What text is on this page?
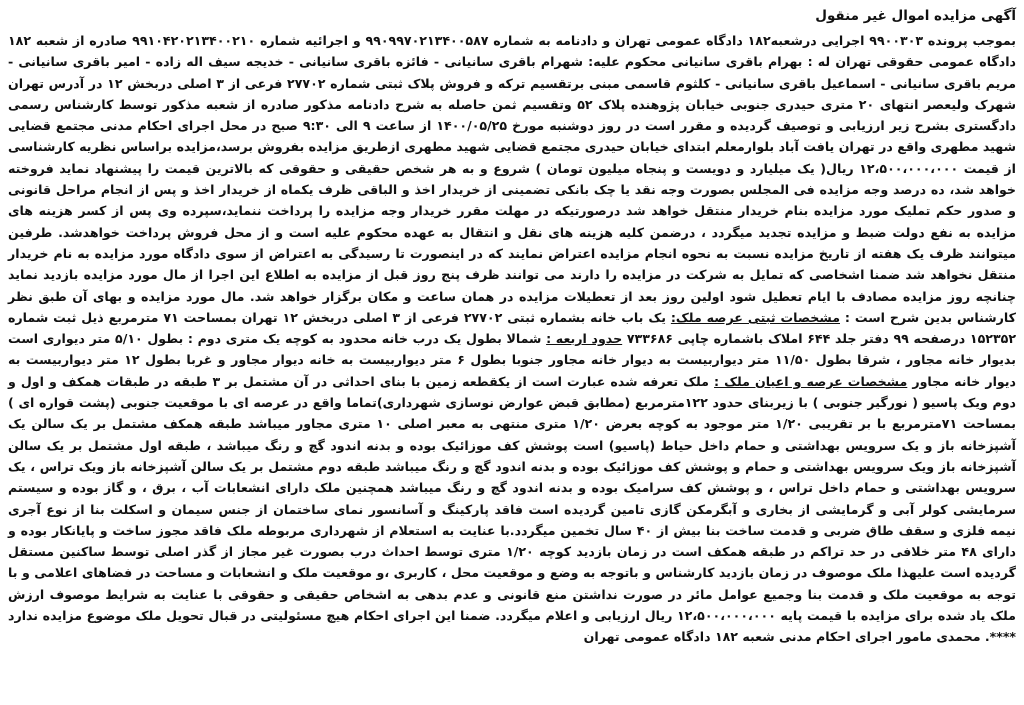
آگهی مزایده اموال غیر منقول

بموجب پرونده ۹۹۰۰۳۰۳ اجرایی درشعبه۱۸۲ دادگاه عمومی تهران و دادنامه به شماره ۹۹۰۹۹۷۰۲۱۳۴۰۰۵۸۷ و اجرائیه شماره ۹۹۱۰۴۲۰۲۱۳۴۰۰۲۱۰ صادره از شعبه ۱۸۲ دادگاه عمومی حقوقی تهران له : بهرام باقری سانیانی محکوم علیه: شهرام باقری سانیانی - فائزه باقری سانیانی - خدیجه سیف اله زاده - امیر باقری سانیانی - مریم باقری سانیانی - اسماعیل باقری سانیانی - کلثوم قاسمی مبنی برتقسیم ترکه و فروش پلاک ثبتی شماره ۲۷۷۰۲ فرعی از ۳ اصلی دربخش ۱۲ در آدرس تهران شهرک ولیعصر انتهای ۲۰ متری حیدری جنوبی خیابان پژوهنده پلاک ۵۲ وتقسیم ثمن حاصله به شرح دادنامه مذکور صادره از شعبه مذکور توسط کارشناس رسمی دادگستری بشرح زیر ارزیابی و توصیف گردیده و مقرر است در روز دوشنبه مورخ ۱۴۰۰/۰۵/۲۵ از ساعت ۹ الی ۹:۳۰ صبح در محل اجرای احکام مدنی مجتمع قضایی شهید مطهری واقع در تهران یافت آباد بلوارمعلم ابتدای خیابان حیدری مجتمع قضایی شهید مطهری ازطریق مزایده بفروش برسد،مزایده براساس نظریه کارشناسی از قیمت ۱۲،۵۰۰،۰۰۰،۰۰۰ ریال( یک میلیارد و دویست و پنجاه میلیون تومان ) شروع و به هر شخص حقیقی و حقوقی که بالاترین قیمت را پیشنهاد نماید فروخته خواهد شد، ده درصد وجه مزایده فی المجلس بصورت وجه نقد یا چک بانکی تضمینی از خریدار اخذ و الباقی ظرف یکماه از خریدار اخذ و پس از انجام مراحل قانونی و صدور حکم تملیک مورد مزایده بنام خریدار منتقل خواهد شد درصورتیکه در مهلت مقرر خریدار وجه مزایده را پرداخت ننماید،سپرده وی پس از کسر هزینه های مزایده به نفع دولت ضبط و مزایده تجدید میگردد ، درضمن کلیه هزینه های نقل و انتقال به عهده محکوم علیه است و از محل فروش پرداخت خواهدشد. طرفین میتوانند ظرف یک هفته از تاریخ مزایده نسبت به نحوه انجام مزایده اعتراض نمایند که در اینصورت تا رسیدگی به اعتراض از سوی دادگاه مورد مزایده به نام خریدار منتقل نخواهد شد ضمنا اشخاصی که تمایل به شرکت در مزایده را دارند می توانند ظرف پنج روز قبل از مزایده به اطلاع این اجرا از مال مورد مزایده بازدید نماید چنانچه روز مزایده مصادف با ایام تعطیل شود اولین روز بعد از تعطیلات مزایده در همان ساعت و مکان برگزار خواهد شد. مال مورد مزایده و بهای آن طبق نظر کارشناس بدین شرح است : مشخصات ثبتی عرصه ملک: یک باب خانه بشماره ثبتی ۲۷۷۰۲ فرعی از ۳ اصلی دربخش ۱۲ تهران بمساحت ۷۱ مترمربع ذیل ثبت شماره ۱۵۲۳۵۲ درصفحه ۹۹ دفتر جلد ۶۴۴ املاک باشماره چاپی ۷۳۳۶۸۶ حدود اربعه : شمالا بطول یک درب خانه محدود به کوچه یک متری دوم : بطول ۵/۱۰ متر دیواری است بدیوار خانه مجاور ، شرقا بطول ۱۱/۵۰ متر دیواربیست به دیوار خانه مجاور جنوبا بطول ۶ متر دیواربیست به خانه دیوار مجاور و غربا بطول ۱۲ متر دیواربیست به دیوار خانه مجاور مشخصات عرصه و اعیان ملک : ملک تعرفه شده عبارت است از یکقطعه زمین با بنای احداثی در آن مشتمل بر ۳ طبقه در طبقات همکف و اول و دوم ویک پاسیو ( نورگیر جنوبی ) با زیربنای حدود ۱۲۲مترمربع (مطابق قبض عوارض نوسازی شهرداری)تماما واقع در عرصه ای با موقعیت جنوبی (پشت قواره ای ) بمساحت ۷۱مترمربع با بر تقریبی ۱/۲۰ متر موجود به کوچه بعرض ۱/۲۰ متری منتهی به معبر اصلی ۱۰ متری مجاور میباشد طبقه همکف مشتمل بر یک سالن یک آشپزخانه باز و یک سرویس بهداشتی و حمام داخل حیاط (پاسیو) است پوشش کف موزائیک بوده و بدنه اندود گچ و رنگ میباشد ، طبقه اول مشتمل بر یک سالن آشپزخانه باز ویک سرویس بهداشتی و حمام و پوشش کف موزائیک بوده و بدنه اندود گچ و رنگ میباشد طبقه دوم مشتمل بر یک سالن آشپزخانه باز ویک تراس ، یک سرویس بهداشتی و حمام داخل تراس ، و پوشش کف سرامیک بوده و بدنه اندود گچ و رنگ میباشد همچنین ملک دارای انشعابات آب ، برق ، و گاز بوده و سیستم سرمایشی کولر آبی و گرمایشی از بخاری و آبگرمکن گازی تامین گردیده است فاقد پارکینگ و آسانسور نمای ساختمان از جنس سیمان و اسکلت بنا از نوع آجری نیمه فلزی و سقف طاق ضربی و قدمت ساخت بنا بیش از ۴۰ سال تخمین میگردد.با عنایت به استعلام از شهرداری مربوطه ملک فاقد مجوز ساخت و پایانکار بوده و دارای ۴۸ متر خلافی در حد تراکم در طبقه همکف است در زمان بازدید کوچه ۱/۲۰ متری توسط احداث درب بصورت غیر مجاز از گذر اصلی توسط ساکنین مستقل گردیده است علیهذا ملک موصوف در زمان بازدید کارشناس و باتوجه به وضع و موقعیت محل ، کاربری ،و موقعیت ملک و انشعابات و مساحت در فضاهای اعلامی و با توجه به موقعیت ملک و قدمت بنا وجمیع عوامل مائر در صورت نداشتن منع قانونی و عدم بدهی به اشخاص حقیقی و حقوقی با عنایت به شرایط موصوف ارزش ملک یاد شده برای مزایده با قیمت پایه ۱۲،۵۰۰،۰۰۰،۰۰۰ ریال ارزیابی و اعلام میگردد. ضمنا این اجرای احکام هیچ مسئولیتی در قبال تحویل ملک موضوع مزایده ندارد ****. محمدی مامور اجرای احکام مدنی شعبه ۱۸۲ دادگاه عمومی تهران
